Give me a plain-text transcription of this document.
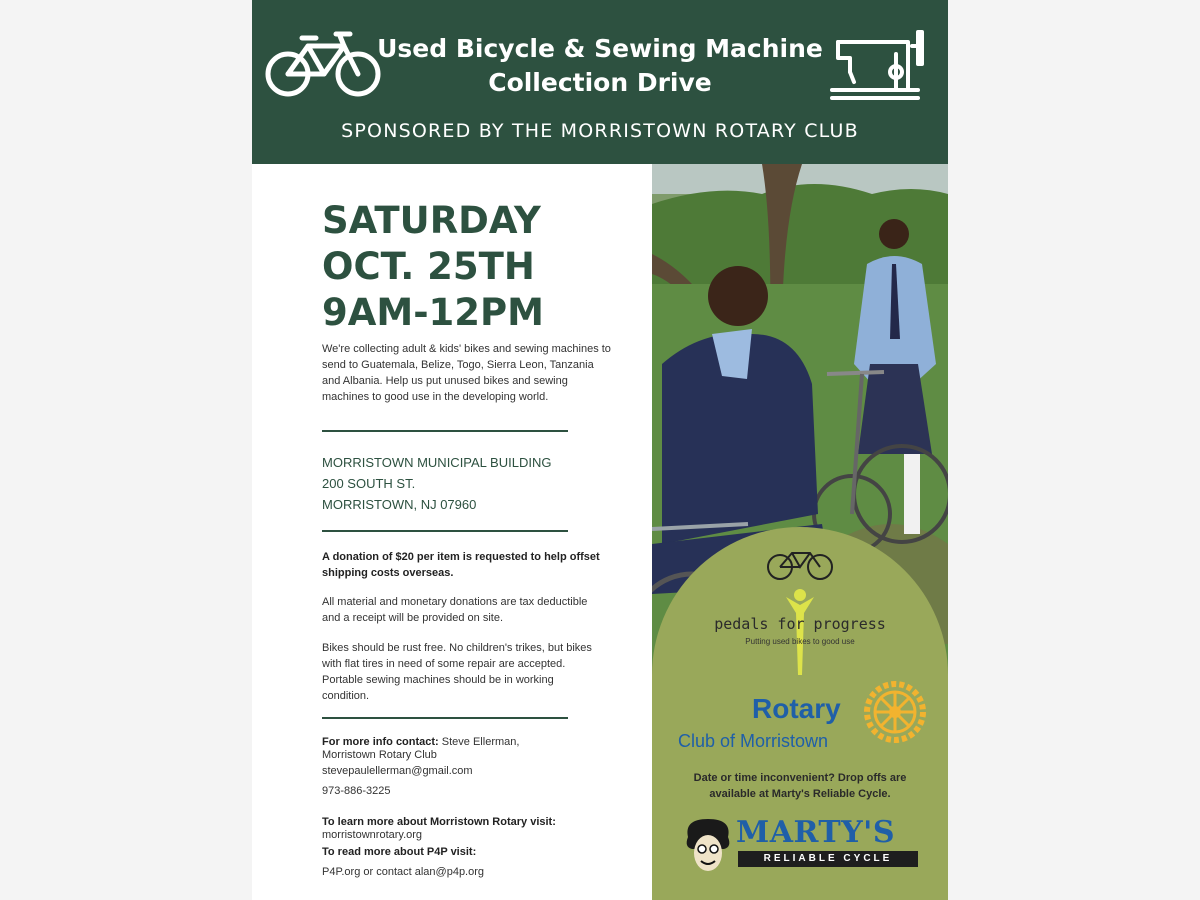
Used Bicycle & Sewing Machine
Collection Drive
SPONSORED BY THE MORRISTOWN ROTARY CLUB
SATURDAY
OCT. 25TH
9AM-12PM
We're collecting adult & kids' bikes and sewing machines to send to Guatemala, Belize, Togo, Sierra Leon, Tanzania and Albania. Help us put unused bikes and sewing machines to good use in the developing world.
MORRISTOWN MUNICIPAL BUILDING
200 SOUTH ST.
MORRISTOWN, NJ 07960
A donation of $20 per item is requested to help offset shipping costs overseas.
All material and monetary donations are tax deductible and a receipt will be provided on site.
Bikes should be rust free. No children's trikes, but bikes with flat tires in need of some repair are accepted. Portable sewing machines should be in working condition.
For more info contact: Steve Ellerman,
Morristown Rotary Club
stevepaulellerman@gmail.com
973-886-3225
To learn more about Morristown Rotary visit:
morristownrotary.org
To read more about P4P visit:
P4P.org or contact alan@p4p.org
pedals for progress
Putting used bikes to good use
Rotary
Club of Morristown
Date or time inconvenient? Drop offs are available at Marty's Reliable Cycle.
MARTY'S
RELIABLE CYCLE
